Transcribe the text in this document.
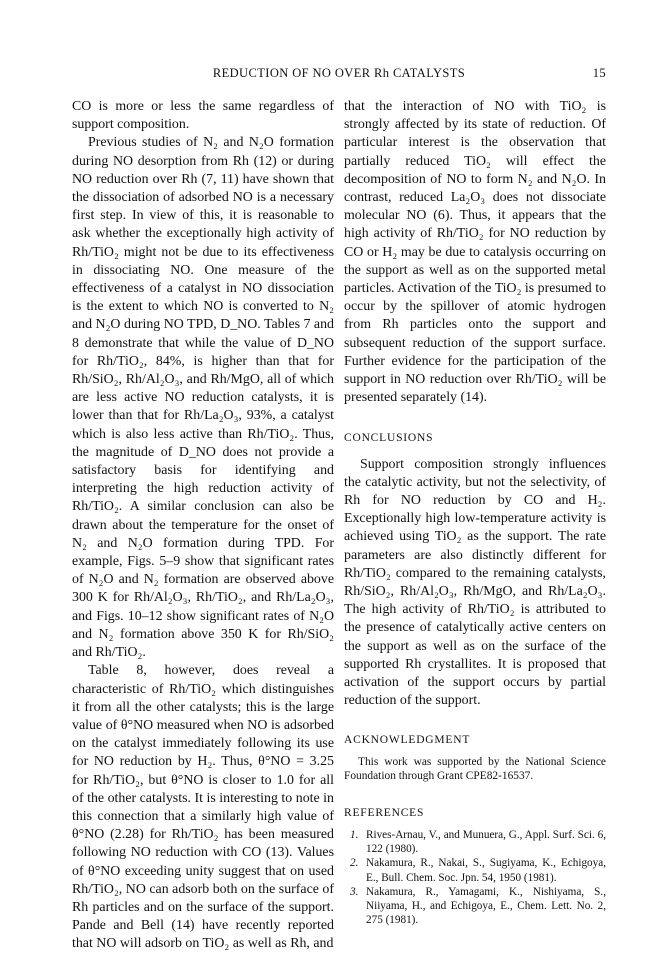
REDUCTION OF NO OVER Rh CATALYSTS	15

CO is more or less the same regardless of support composition.

Previous studies of N₂ and N₂O formation during NO desorption from Rh (12) or during NO reduction over Rh (7, 11) have shown that the dissociation of adsorbed NO is a necessary first step. In view of this, it is reasonable to ask whether the exceptionally high activity of Rh/TiO₂ might not be due to its effectiveness in dissociating NO. One measure of the effectiveness of a catalyst in NO dissociation is the extent to which NO is converted to N₂ and N₂O during NO TPD, D_NO. Tables 7 and 8 demonstrate that while the value of D_NO for Rh/TiO₂, 84%, is higher than that for Rh/SiO₂, Rh/Al₂O₃, and Rh/MgO, all of which are less active NO reduction catalysts, it is lower than that for Rh/La₂O₃, 93%, a catalyst which is also less active than Rh/TiO₂. Thus, the magnitude of D_NO does not provide a satisfactory basis for identifying and interpreting the high reduction activity of Rh/TiO₂. A similar conclusion can also be drawn about the temperature for the onset of N₂ and N₂O formation during TPD. For example, Figs. 5–9 show that significant rates of N₂O and N₂ formation are observed above 300 K for Rh/Al₂O₃, Rh/TiO₂, and Rh/La₂O₃, and Figs. 10–12 show significant rates of N₂O and N₂ formation above 350 K for Rh/SiO₂ and Rh/TiO₂.

Table 8, however, does reveal a characteristic of Rh/TiO₂ which distinguishes it from all the other catalysts; this is the large value of θ°NO measured when NO is adsorbed on the catalyst immediately following its use for NO reduction by H₂. Thus, θ°NO = 3.25 for Rh/TiO₂, but θ°NO is closer to 1.0 for all of the other catalysts. It is interesting to note in this connection that a similarly high value of θ°NO (2.28) for Rh/TiO₂ has been measured following NO reduction with CO (13). Values of θ°NO exceeding unity suggest that on used Rh/TiO₂, NO can adsorb both on the surface of Rh particles and on the surface of the support. Pande and Bell (14) have recently reported that NO will adsorb on TiO₂ as well as Rh, and

that the interaction of NO with TiO₂ is strongly affected by its state of reduction. Of particular interest is the observation that partially reduced TiO₂ will effect the decomposition of NO to form N₂ and N₂O. In contrast, reduced La₂O₃ does not dissociate molecular NO (6). Thus, it appears that the high activity of Rh/TiO₂ for NO reduction by CO or H₂ may be due to catalysis occurring on the support as well as on the supported metal particles. Activation of the TiO₂ is presumed to occur by the spillover of atomic hydrogen from Rh particles onto the support and subsequent reduction of the support surface. Further evidence for the participation of the support in NO reduction over Rh/TiO₂ will be presented separately (14).

CONCLUSIONS

Support composition strongly influences the catalytic activity, but not the selectivity, of Rh for NO reduction by CO and H₂. Exceptionally high low-temperature activity is achieved using TiO₂ as the support. The rate parameters are also distinctly different for Rh/TiO₂ compared to the remaining catalysts, Rh/SiO₂, Rh/Al₂O₃, Rh/MgO, and Rh/La₂O₃. The high activity of Rh/TiO₂ is attributed to the presence of catalytically active centers on the support as well as on the surface of the supported Rh crystallites. It is proposed that activation of the support occurs by partial reduction of the support.

ACKNOWLEDGMENT

This work was supported by the National Science Foundation through Grant CPE82-16537.

REFERENCES

1. Rives-Arnau, V., and Munuera, G., Appl. Surf. Sci. 6, 122 (1980).
2. Nakamura, R., Nakai, S., Sugiyama, K., Echigoya, E., Bull. Chem. Soc. Jpn. 54, 1950 (1981).
3. Nakamura, R., Yamagami, K., Nishiyama, S., Niiyama, H., and Echigoya, E., Chem. Lett. No. 2, 275 (1981).
